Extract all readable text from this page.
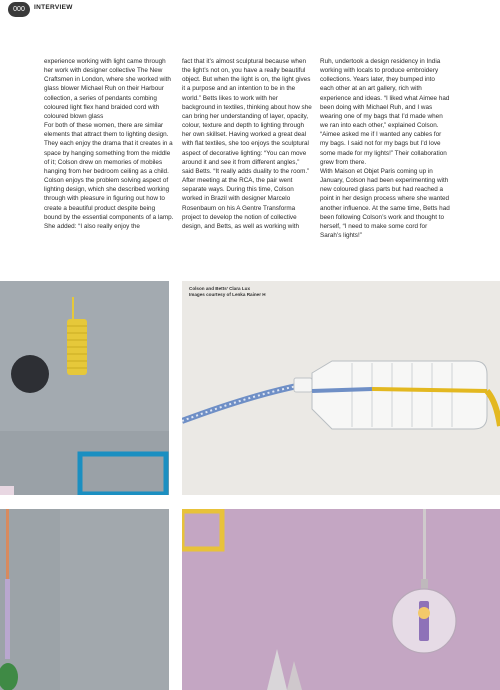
000	INTERVIEW

experience working with light came through her work with designer collective The New Craftsmen in London, where she worked with glass blower Michael Ruh on their Harbour collection, a series of pendants combing coloured light flex hand braided cord with coloured blown glass

For both of these women, there are similar elements that attract them to lighting design. They each enjoy the drama that it creates in a space by hanging something from the middle of it; Colson drew on memories of mobiles hanging from her bedroom ceiling as a child. Colson enjoys the problem solving aspect of lighting design, which she described working through with pleasure in figuring out how to create a beautiful product despite being bound by the essential components of a lamp. She added: “I also really enjoy the

fact that it’s almost sculptural because when the light’s not on, you have a really beautiful object. But when the light is on, the light gives it a purpose and an intention to be in the world.” Betts likes to work with her background in textiles, thinking about how she can bring her understanding of layer, opacity, colour, texture and depth to lighting through her own skillset. Having worked a great deal with flat textiles, she too enjoys the sculptural aspect of decorative lighting: “You can move around it and see it from different angles,” said Betts. “It really adds duality to the room.” After meeting at the RCA, the pair went separate ways. During this time, Colson worked in Brazil with designer Marcelo Rosenbaum on his A Gentre Transforma project to develop the notion of collective design, and Betts, as well as working with

Ruh, undertook a design residency in India working with locals to produce embroidery collections. Years later, they bumped into each other at an art gallery, rich with experience and ideas. “I liked what Aimee had been doing with Michael Ruh, and I was wearing one of my bags that I’d made when we ran into each other,” explained Colson. “Aimee asked me if I wanted any cables for my bags. I said not for my bags but I’d love some made for my lights!” Their collaboration grew from there.

With Maison et Objet Paris coming up in January, Colson had been experimenting with new coloured glass parts but had reached a point in her design process where she wanted another influence. At the same time, Betts had been following Colson’s work and thought to herself, “I need to make some cord for Sarah’s lights!”

Colson and Betts’ Clara Lux
Images courtesy of Lenka Rainer H
